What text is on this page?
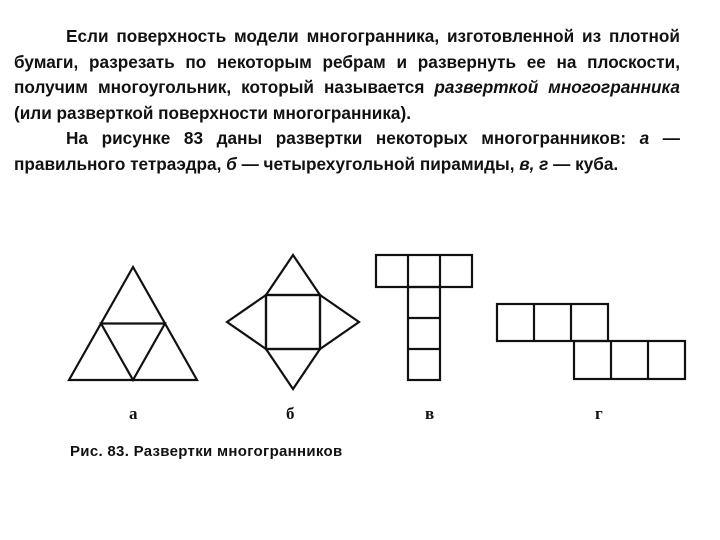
Если поверхность модели многогранника, изготовленной из плотной бумаги, разрезать по некоторым ребрам и развернуть ее на плоскости, получим многоугольник, который называется разверткой многогранника (или разверткой поверхности многогранника).

На рисунке 83 даны развертки некоторых многогранников: а — правильного тетраэдра, б — четырехугольной пирамиды, в, г — куба.

а	б	в	г
Рис. 83. Развертки многогранников
